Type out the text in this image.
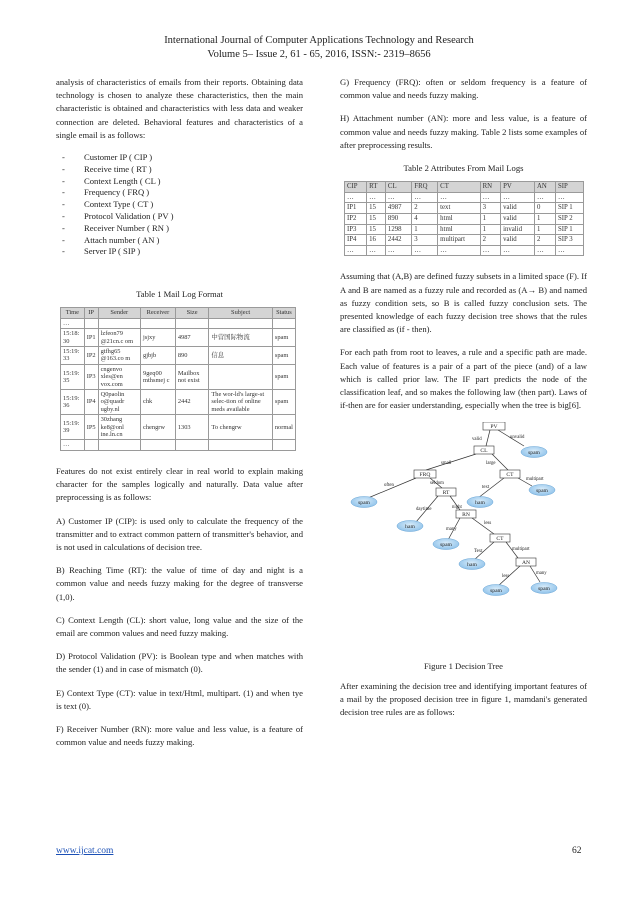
International Journal of Computer Applications Technology and Research
Volume 5– Issue 2, 61 - 65, 2016, ISSN:- 2319–8656

analysis of characteristics of emails from their reports. Obtaining data technology is chosen to analyze these characteristics, then the main characteristic is obtained and characteristics with less data and weaker connection are deleted. Behavioral features and characteristics of a single email is as follows:

- Customer IP ( CIP )
- Receive time ( RT )
- Context Length ( CL )
- Frequency ( FRQ )
- Context Type ( CT )
- Protocol Validation ( PV )
- Receiver Number ( RN )
- Attach number ( AN )
- Server IP ( SIP )
Table 1 Mail Log Format
Time	IP	Sender	Receiver	Size	Subject	Status
…						
15:18: 30	IP1	lzfeon79 @21cn.c om	jsjxy	4987	中营国际物流	spam
15:19: 33	IP2	gtfhg65 @163.co m	gjbjb	890	信息	spam
15:19: 35	IP3	cngenvo xles@en vox.com	9geq00 mthsmej c	Mailbox not exist		spam
15:19: 36	IP4	Q0paolin o@quadr ugby.nl	chk	2442	The wor-ld's large-st selec-tion of online meds available	spam
15:19: 39	IP5	30zhang ke8@onl ine.ln.cn	chengrw	1303	To chengrw	normal
…						

Features do not exist entirely clear in real world to explain making character for the samples logically and naturally. Data value after preprocessing is as follows:

A) Customer IP (CIP): is used only to calculate the frequency of the transmitter and to extract common pattern of transmitter's behavior, and is not used in calculations of decision tree.

B) Reaching Time (RT): the value of time of day and night is a common value and needs fuzzy making for the degree of transverse (1,0).

C) Context Length (CL): short value, long value and the size of the email are common values and need fuzzy making.

D) Protocol Validation (PV): is Boolean type and when matches with the sender (1) and in case of mismatch (0).

E) Context Type (CT): value in text/Html, multipart. (1) and when tye is text (0).

F) Receiver Number (RN): more value and less value, is a feature of common value and needs fuzzy making.

G) Frequency (FRQ): often or seldom frequency is a feature of common value and needs fuzzy making.

H) Attachment number (AN): more and less value, is a feature of common value and needs fuzzy making. Table 2 lists some examples of after preprocessing results.

Table 2 Attributes From Mail Logs
CIP	RT	CL	FRQ	CT	RN	PV	AN	SIP
…	…	…	…	…	…	…	…	…
IP1	15	4987	2	text	3	valid	0	SIP 1
IP2	15	890	4	html	1	valid	1	SIP 2
IP3	15	1298	1	html	1	invalid	1	SIP 1
IP4	16	2442	3	multipart	2	valid	2	SIP 3
…	…	…	…	…	…	…	…	…

Assuming that (A,B) are defined fuzzy subsets in a limited space (F). If A and B are named as a fuzzy rule and recorded as (A→ B) and named as fuzzy condition sets, so B is called fuzzy conclusion sets. The presented knowledge of each fuzzy decision tree shows that the rules are classified as (if - then).

For each path from root to leaves, a rule and a specific path are made. Each value of features is a pair of a part of the piece (and) of a law which is called prior law. The IF part predicts the node of the classification leaf, and so makes the following law (then part). Laws of if-then are for easier understanding, especially when the tree is big[6].

PV
CL
FRQ	CT
RT
RN
CT
AN
spam
spam
spam
ham
ham
spam
ham
spam	spam
valid	unvalid
small	large
often	seldom
text
multipart
daytime	night
many
less
Text	multipart
less
many
Figure 1 Decision Tree

After examining the decision tree and identifying important features of a mail by the proposed decision tree in figure 1, mamdani's generated decision tree rules are as follows:

www.ijcat.com	62
